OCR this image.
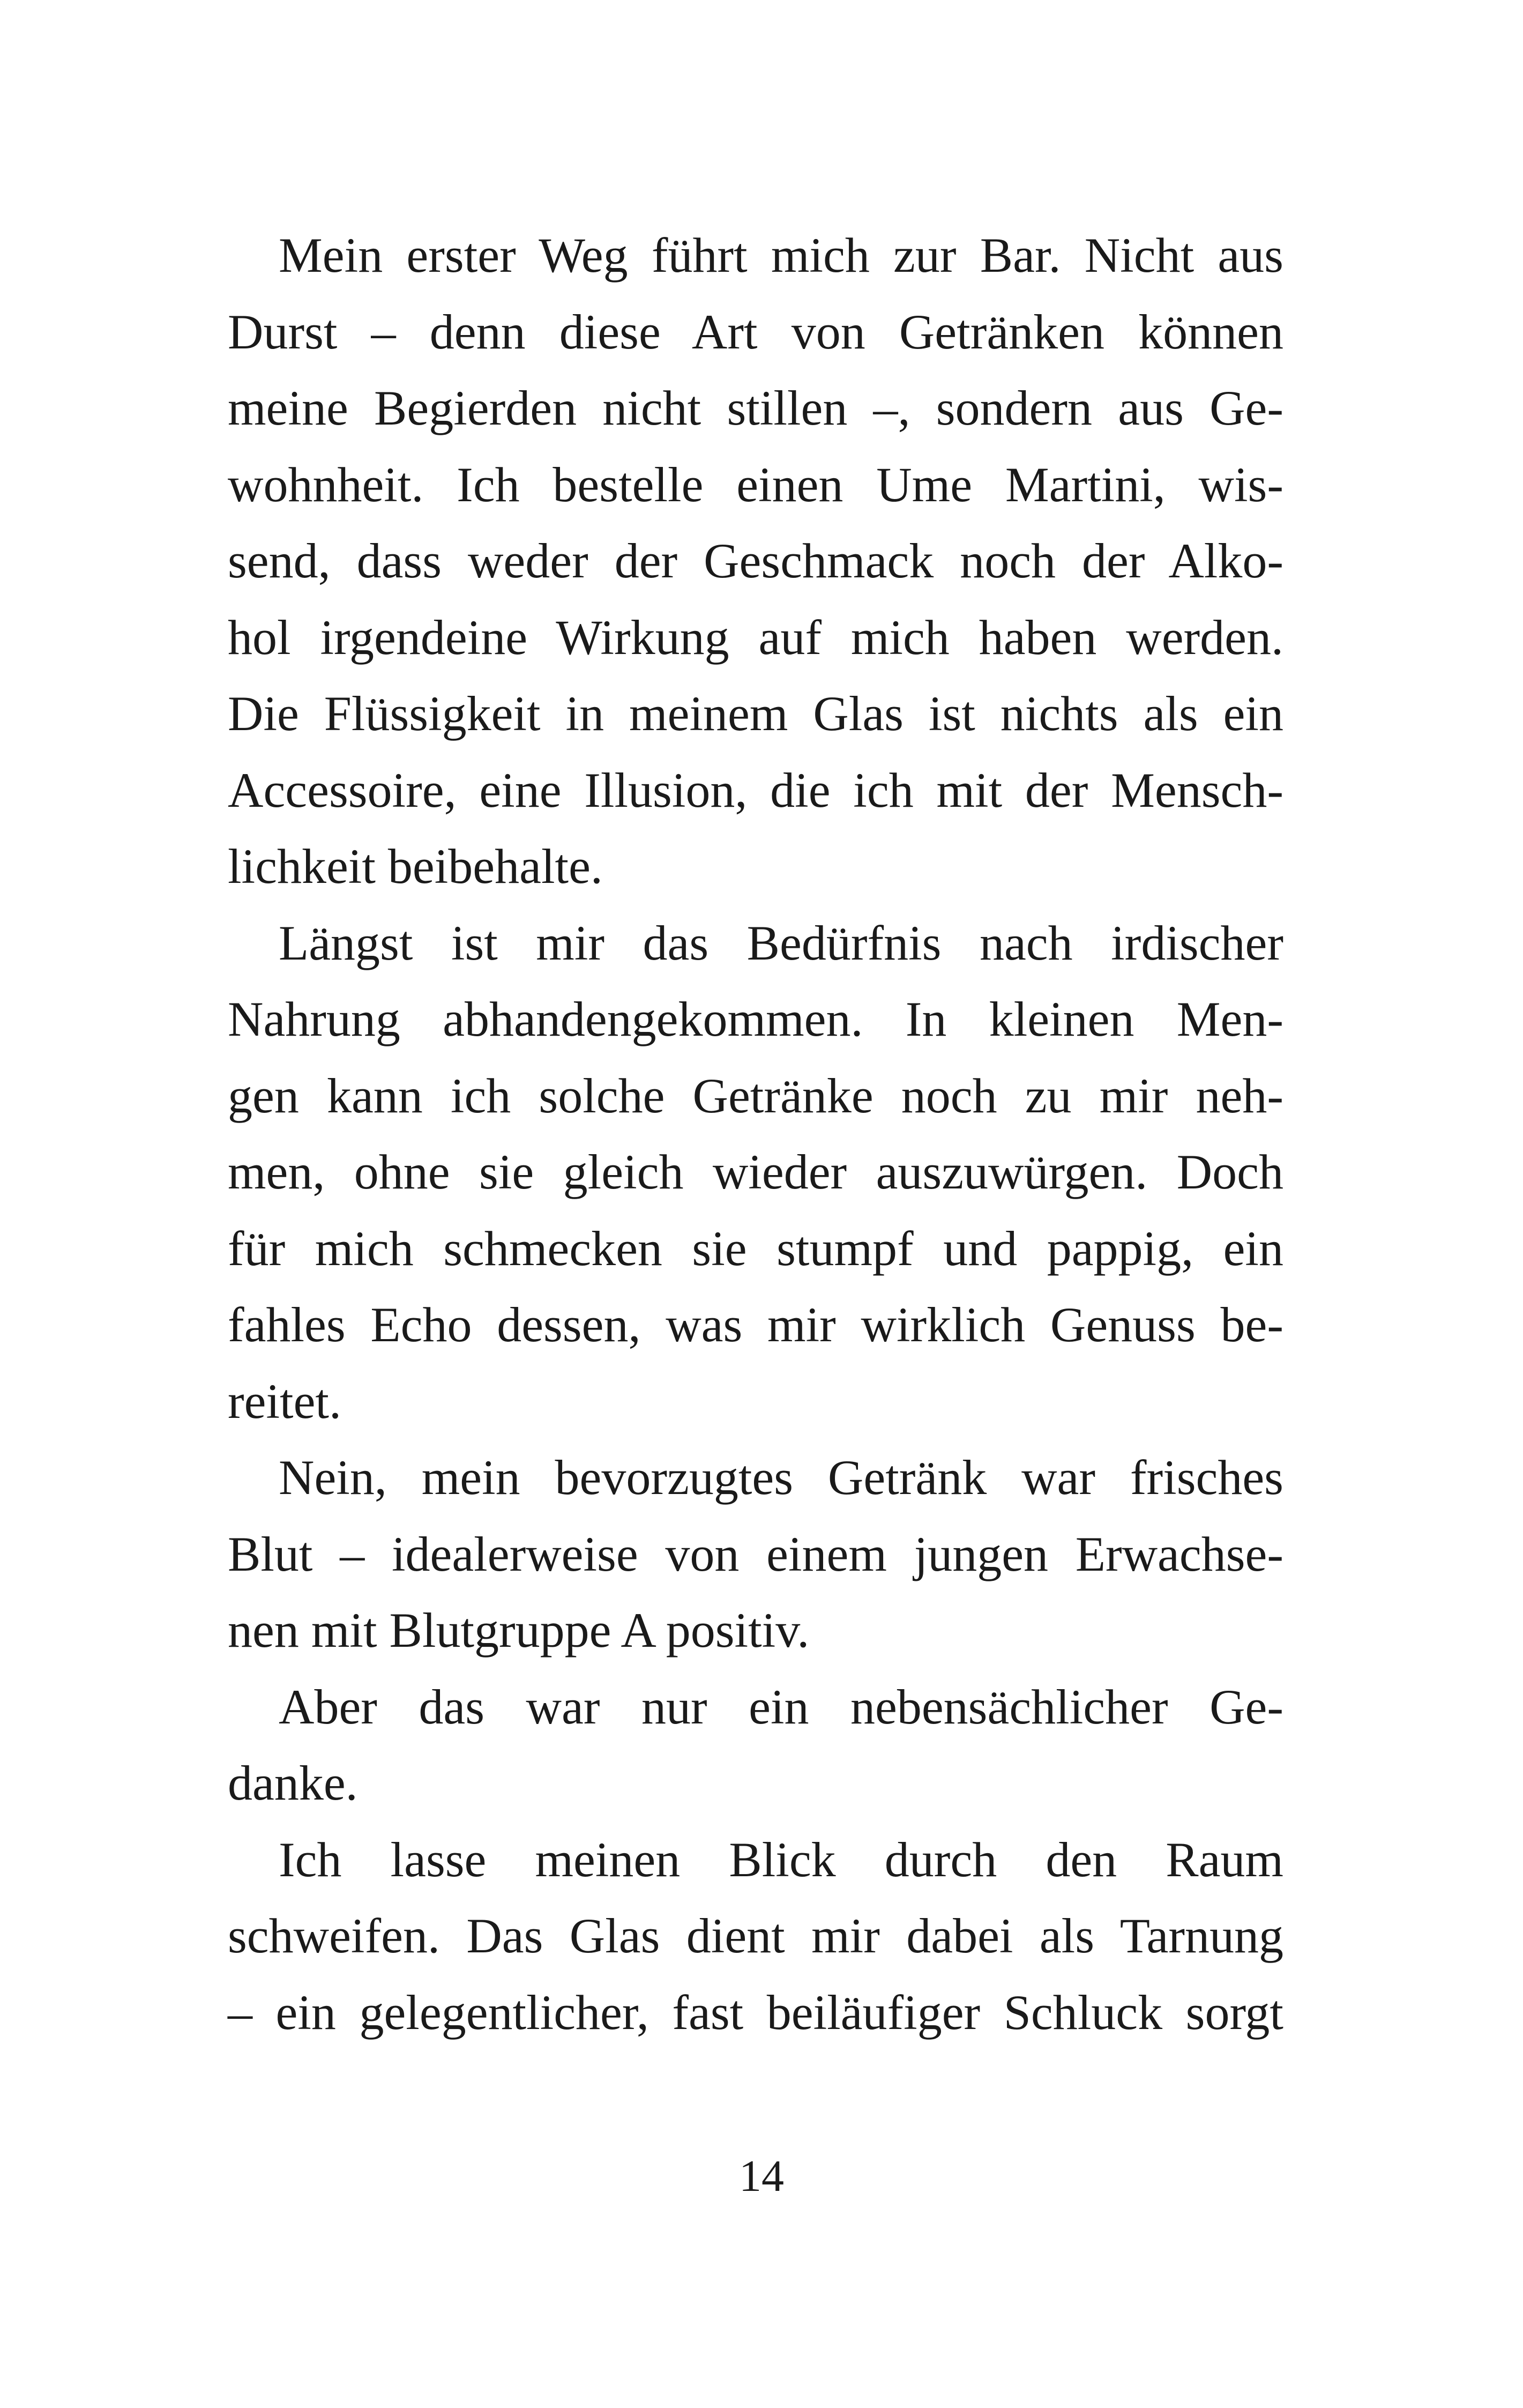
Mein erster Weg führt mich zur Bar. Nicht aus
Durst – denn diese Art von Getränken können
meine Begierden nicht stillen –, sondern aus Ge-
wohnheit. Ich bestelle einen Ume Martini, wis-
send, dass weder der Geschmack noch der Alko-
hol irgendeine Wirkung auf mich haben werden.
Die Flüssigkeit in meinem Glas ist nichts als ein
Accessoire, eine Illusion, die ich mit der Mensch-
lichkeit beibehalte.
Längst ist mir das Bedürfnis nach irdischer
Nahrung abhandengekommen. In kleinen Men-
gen kann ich solche Getränke noch zu mir neh-
men, ohne sie gleich wieder auszuwürgen. Doch
für mich schmecken sie stumpf und pappig, ein
fahles Echo dessen, was mir wirklich Genuss be-
reitet.
Nein, mein bevorzugtes Getränk war frisches
Blut – idealerweise von einem jungen Erwachse-
nen mit Blutgruppe A positiv.
Aber das war nur ein nebensächlicher Ge-
danke.
Ich lasse meinen Blick durch den Raum
schweifen. Das Glas dient mir dabei als Tarnung
– ein gelegentlicher, fast beiläufiger Schluck sorgt
14
